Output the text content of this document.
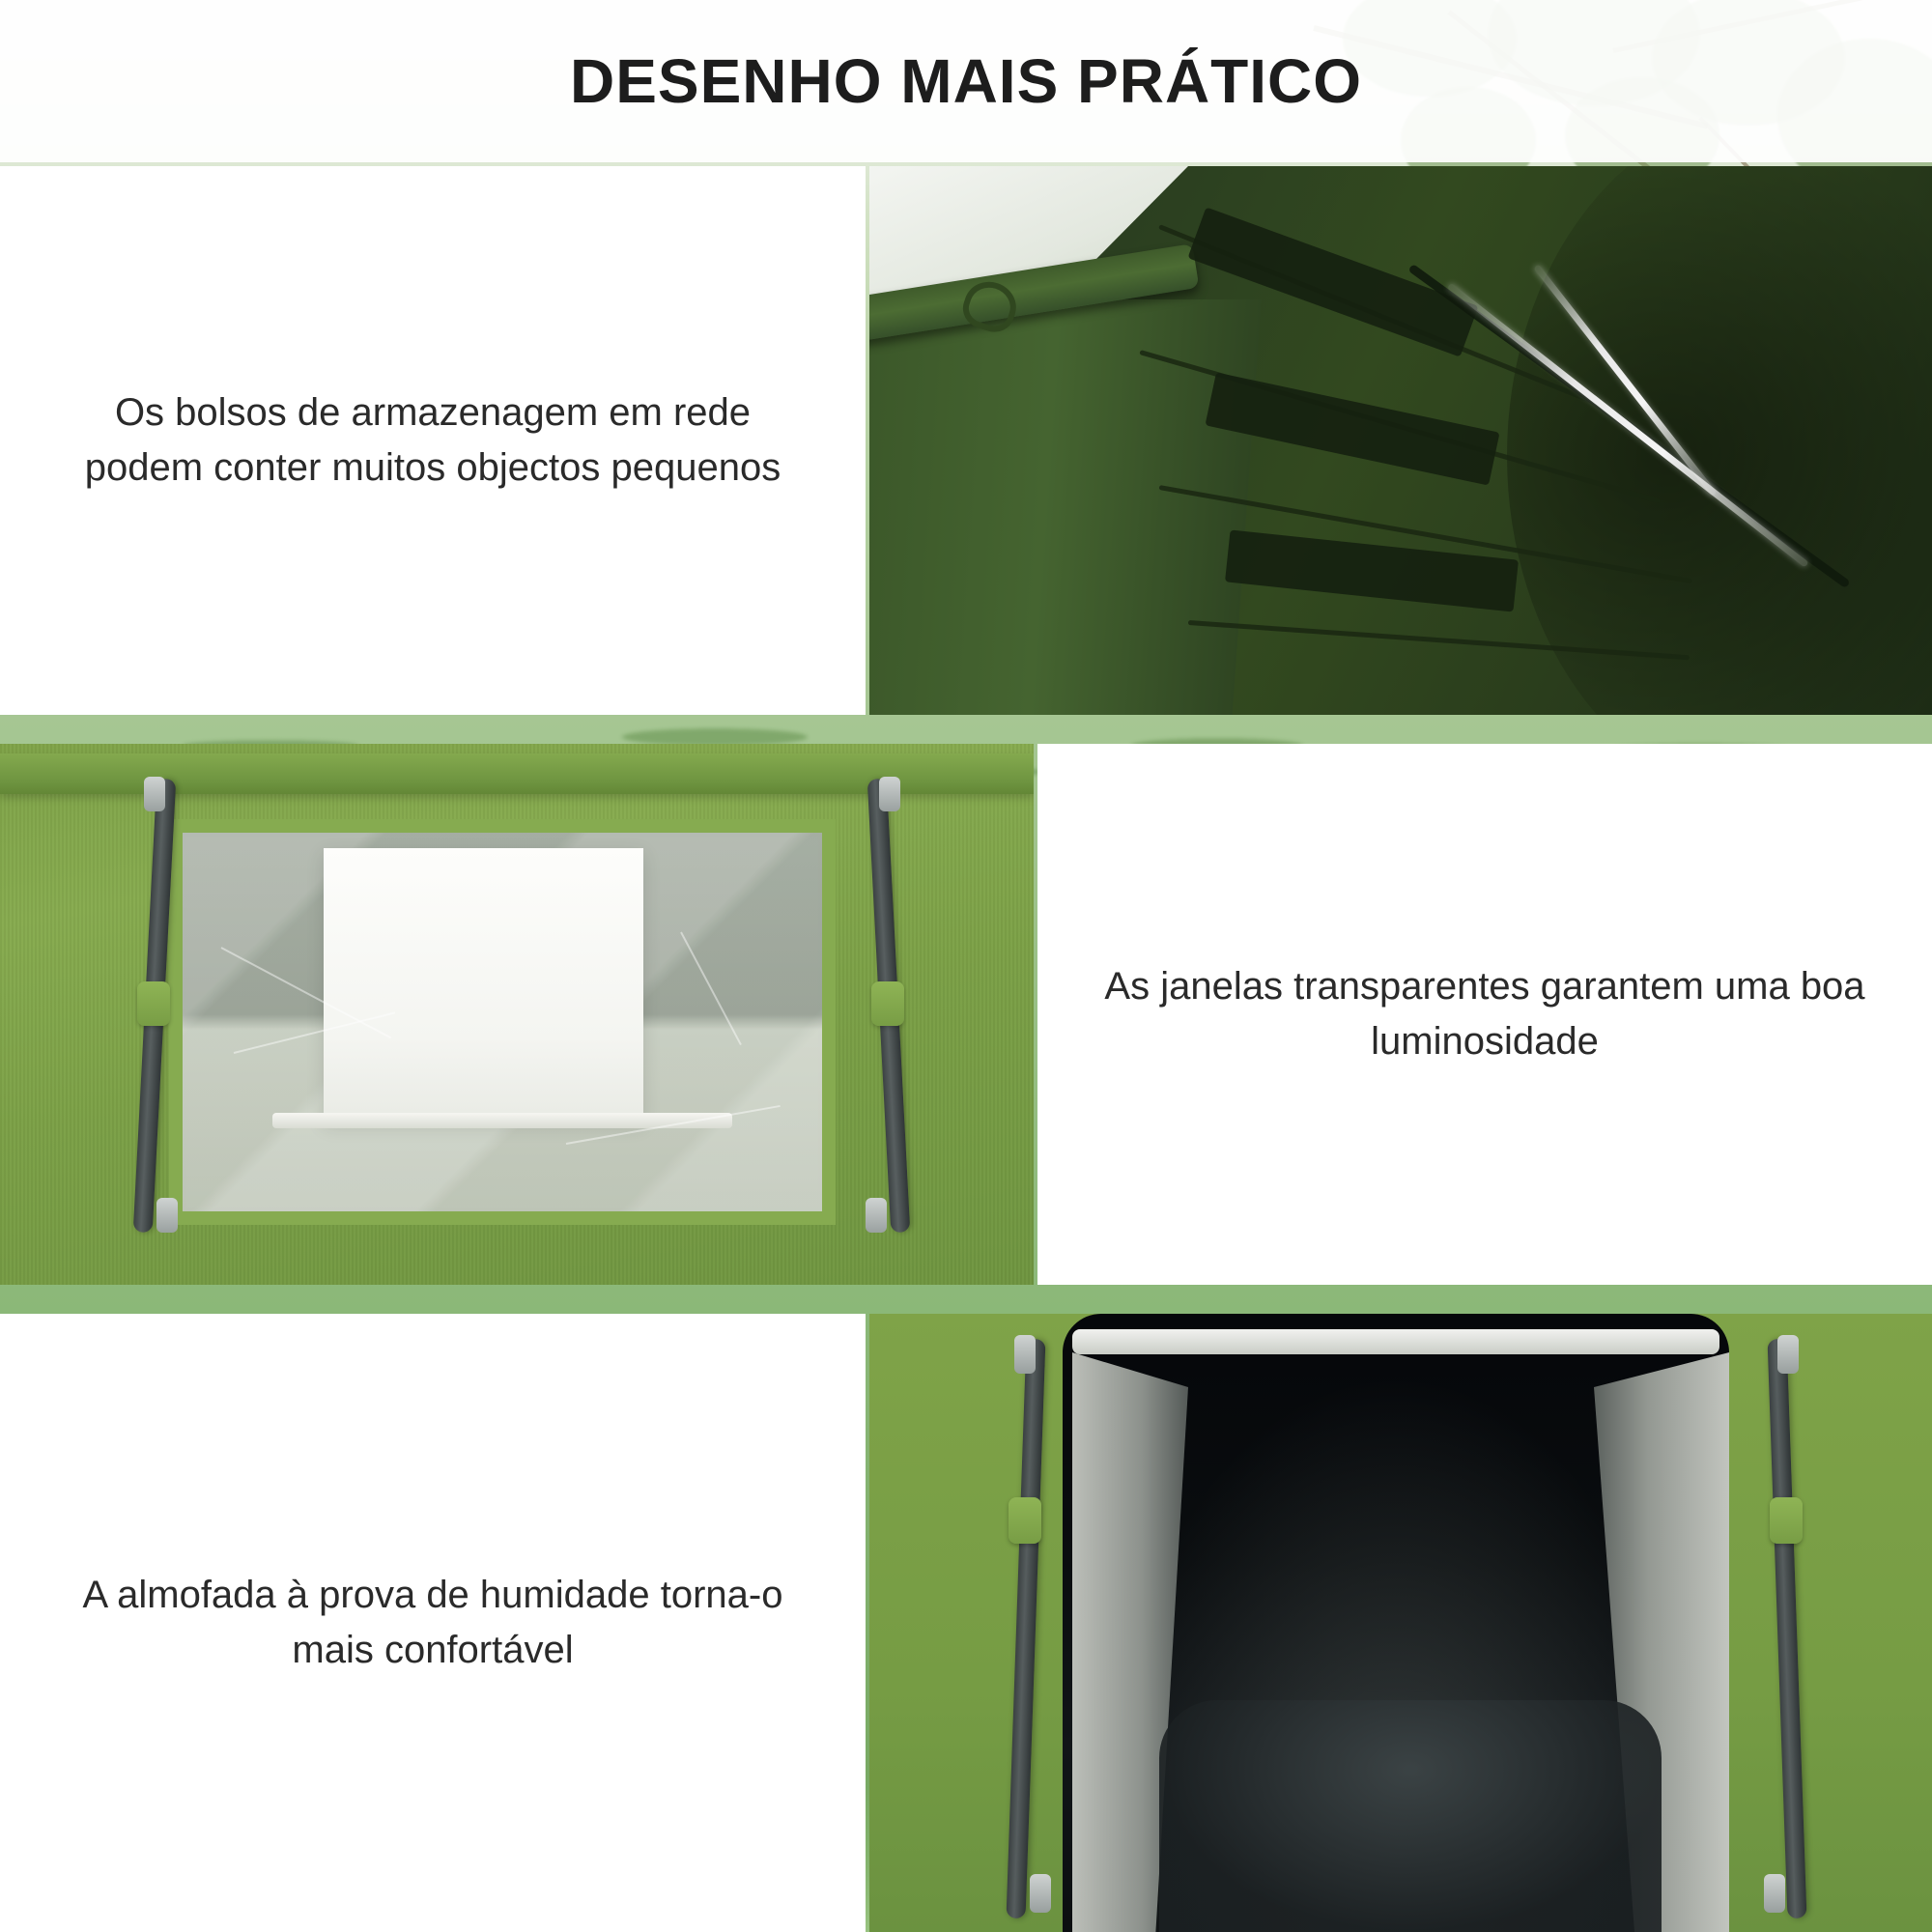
DESENHO MAIS PRÁTICO

Os bolsos de armazenagem em rede podem conter muitos objectos pequenos

As janelas transparentes garantem uma boa luminosidade

A almofada à prova de humidade torna-o mais confortável
